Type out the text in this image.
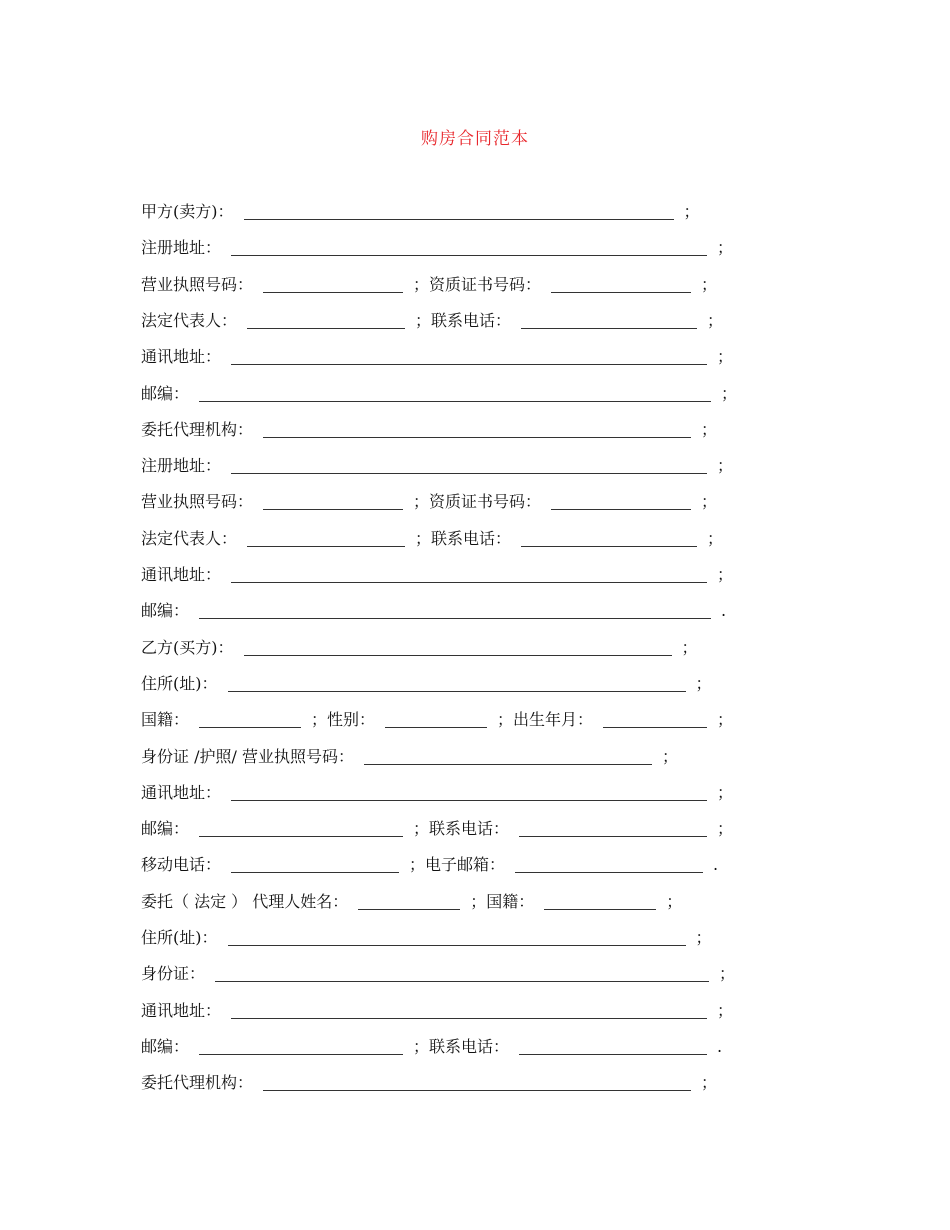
购房合同范本
甲方(卖方)：	；
注册地址：	；
营业执照号码：	；资质证书号码：	；
法定代表人：	；联系电话：	；
通讯地址：	；
邮编：	；
委托代理机构：	；
注册地址：	；
营业执照号码：	；资质证书号码：	；
法定代表人：	；联系电话：	；
通讯地址：	；
邮编：	.
乙方(买方)：	；
住所(址)：	；
国籍：	；性别：	；出生年月：	；
身份证 /护照/ 营业执照号码：	；
通讯地址：	；
邮编：	；联系电话：	；
移动电话：	；电子邮箱：	.
委托（ 法定 ） 代理人姓名：	；国籍：	；
住所(址)：	；
身份证：	；
通讯地址：	；
邮编：	；联系电话：	.
委托代理机构：	；
